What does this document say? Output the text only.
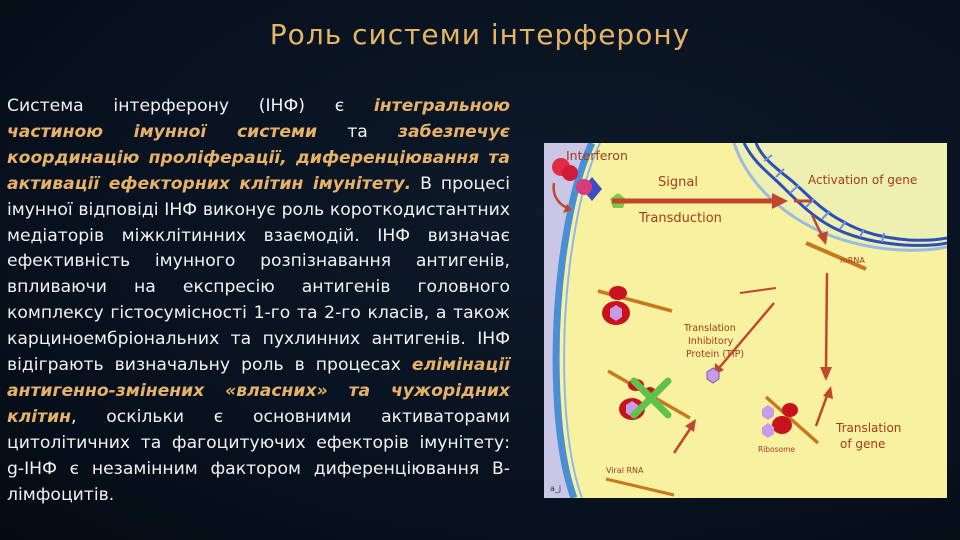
Роль системи інтерферону
Система інтерферону (ІНФ) є інтегральною частиною імунної системи та забезпечує координацію проліферації, диференціювання та активації ефекторних клітин імунітету. В процесі імунної відповіді ІНФ виконує роль короткодистантних медіаторів міжклітинних взаємодій. ІНФ визначає ефективність імунного розпізнавання антигенів, впливаючи на експресію антигенів головного комплексу гістосумісності 1-го та 2-го класів, а також карциноембріональних та пухлинних антигенів. ІНФ відіграють визначальну роль в процесах елімінації антигенно-змінених «власних» та чужорідних клітин, оскільки є основними активаторами цитолітичних та фагоцитуючих ефекторів імунітету: g-ІНФ є незамінним фактором диференціювання В-лімфоцитів.
Interferon
Signal
Transduction
Activation of gene
mRNA
Translation
Inhibitory
Protein (TIP)
Translation
of gene
Ribosome
Viral RNA
a_j
